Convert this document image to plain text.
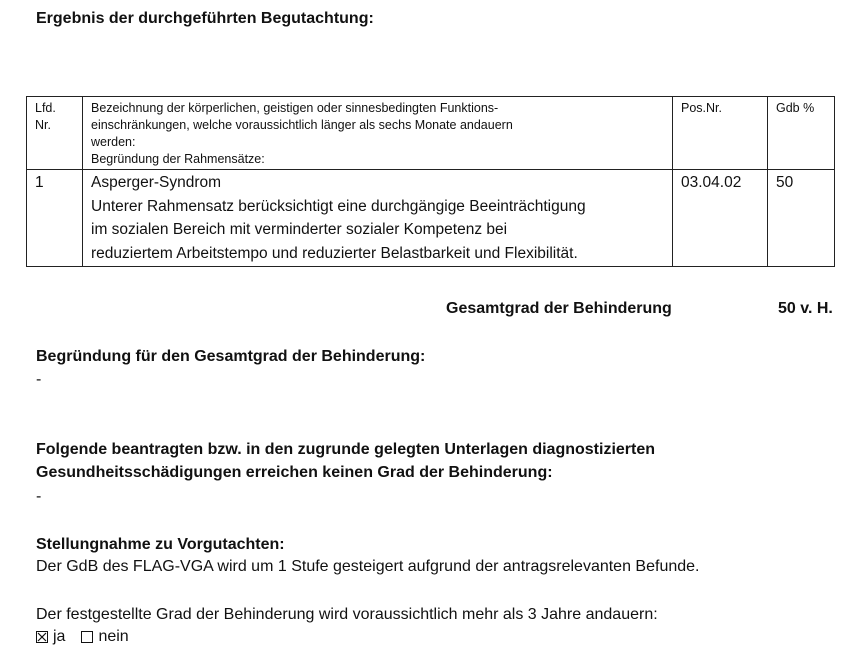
Ergebnis der durchgeführten Begutachtung:
Lfd.
Nr.	Bezeichnung der körperlichen, geistigen oder sinnesbedingten Funktions-
einschränkungen, welche voraussichtlich länger als sechs Monate andauern
werden:
Begründung der Rahmensätze:	Pos.Nr.	Gdb %
1	Asperger-Syndrom
Unterer Rahmensatz berücksichtigt eine durchgängige Beeinträchtigung
im sozialen Bereich mit verminderter sozialer Kompetenz bei
reduziertem Arbeitstempo und reduzierter Belastbarkeit und Flexibilität.	03.04.02	50
Gesamtgrad der Behinderung	50 v. H.
Begründung für den Gesamtgrad der Behinderung:
-
Folgende beantragten bzw. in den zugrunde gelegten Unterlagen diagnostizierten
Gesundheitsschädigungen erreichen keinen Grad der Behinderung:
-
Stellungnahme zu Vorgutachten:
Der GdB des FLAG-VGA wird um 1 Stufe gesteigert aufgrund der antragsrelevanten Befunde.
Der festgestellte Grad der Behinderung wird voraussichtlich mehr als 3 Jahre andauern:
ja nein
